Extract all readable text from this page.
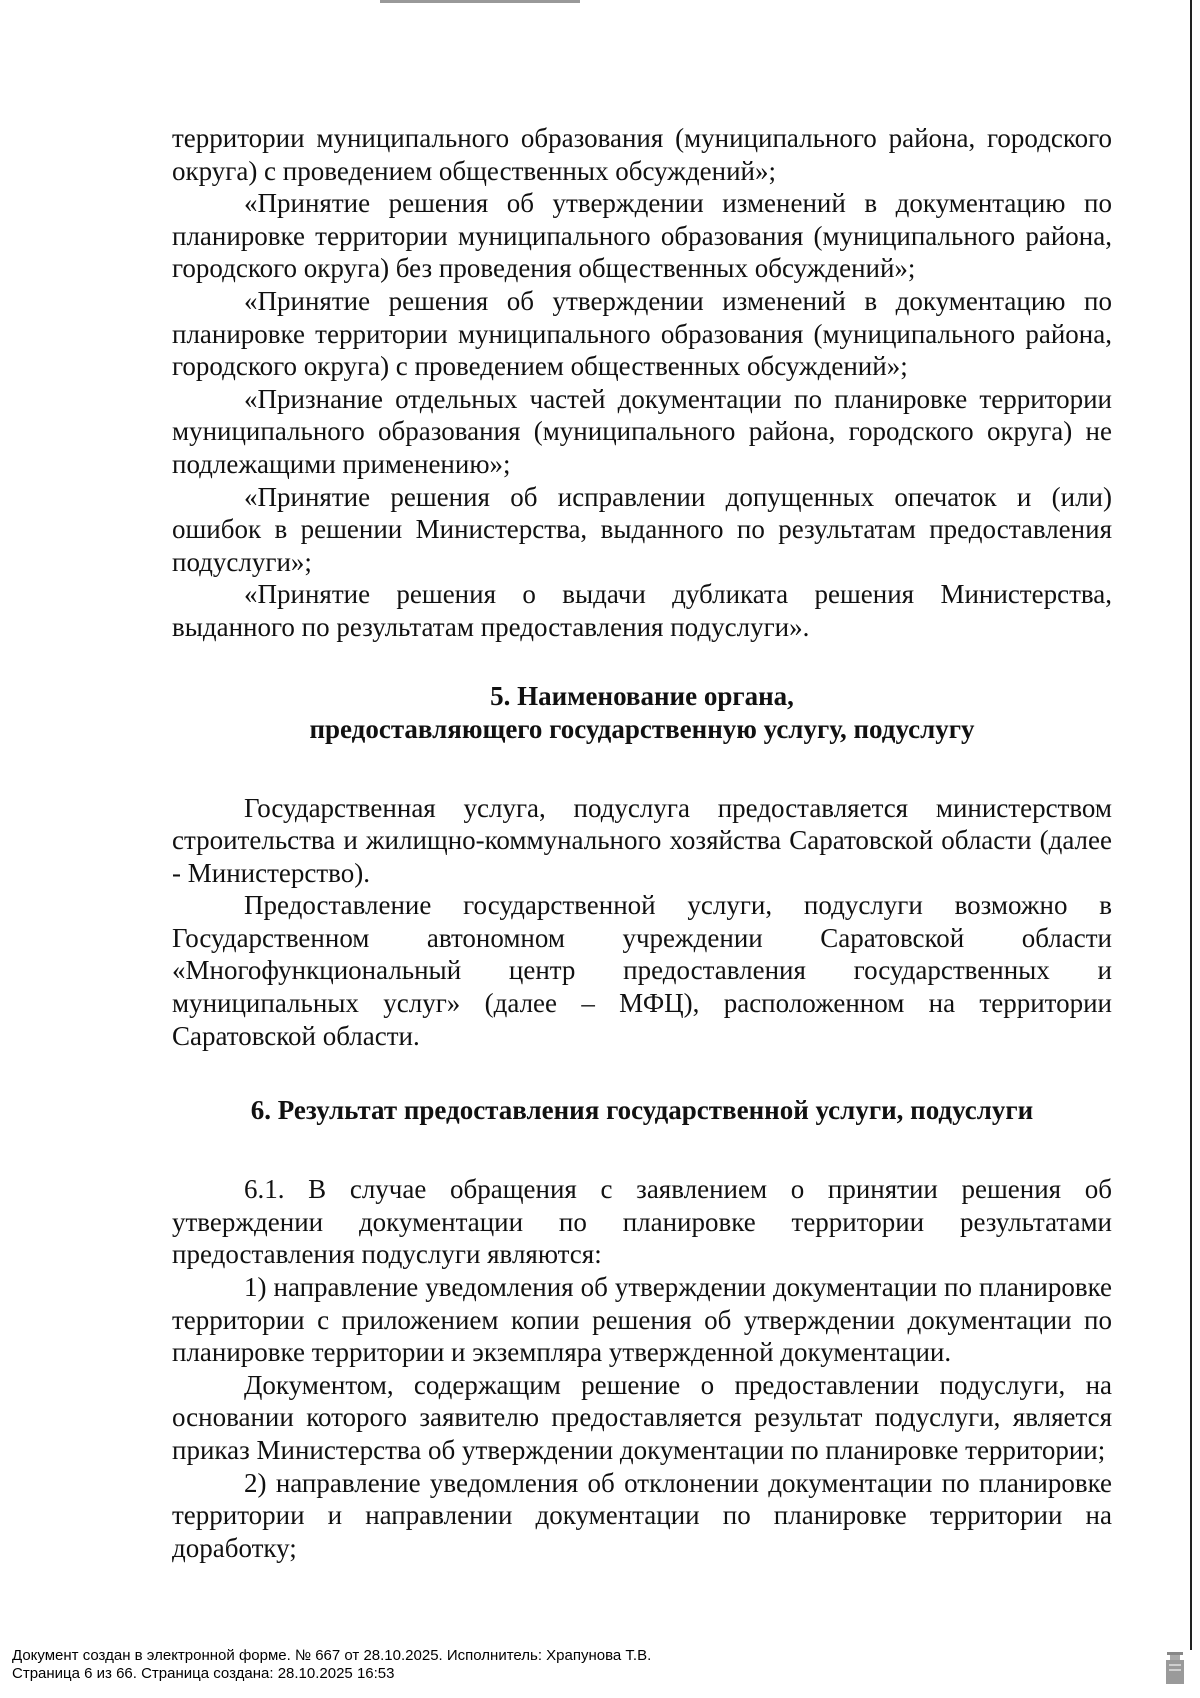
территории муниципального образования (муниципального района, городского округа) с проведением общественных обсуждений»;

«Принятие решения об утверждении изменений в документацию по планировке территории муниципального образования (муниципального района, городского округа) без проведения общественных обсуждений»;

«Принятие решения об утверждении изменений в документацию по планировке территории муниципального образования (муниципального района, городского округа) с проведением общественных обсуждений»;

«Признание отдельных частей документации по планировке территории муниципального образования (муниципального района, городского округа) не подлежащими применению»;

«Принятие решения об исправлении допущенных опечаток и (или) ошибок в решении Министерства, выданного по результатам предоставления подуслуги»;

«Принятие решения о выдачи дубликата решения Министерства, выданного по результатам предоставления подуслуги».

5. Наименование органа,
предоставляющего государственную услугу, подуслугу

Государственная услуга, подуслуга предоставляется министерством строительства и жилищно-коммунального хозяйства Саратовской области (далее - Министерство).

Предоставление государственной услуги, подуслуги возможно в Государственном автономном учреждении Саратовской области «Многофункциональный центр предоставления государственных и муниципальных услуг» (далее – МФЦ), расположенном на территории Саратовской области.

6. Результат предоставления государственной услуги, подуслуги

6.1. В случае обращения с заявлением о принятии решения об утверждении документации по планировке территории результатами предоставления подуслуги являются:

1) направление уведомления об утверждении документации по планировке территории с приложением копии решения об утверждении документации по планировке территории и экземпляра утвержденной документации.

Документом, содержащим решение о предоставлении подуслуги, на основании которого заявителю предоставляется результат подуслуги, является приказ Министерства об утверждении документации по планировке территории;

2) направление уведомления об отклонении документации по планировке территории и направлении документации по планировке территории на доработку;

Документ создан в электронной форме. № 667 от 28.10.2025. Исполнитель: Храпунова Т.В.
Страница 6 из 66. Страница создана: 28.10.2025 16:53
